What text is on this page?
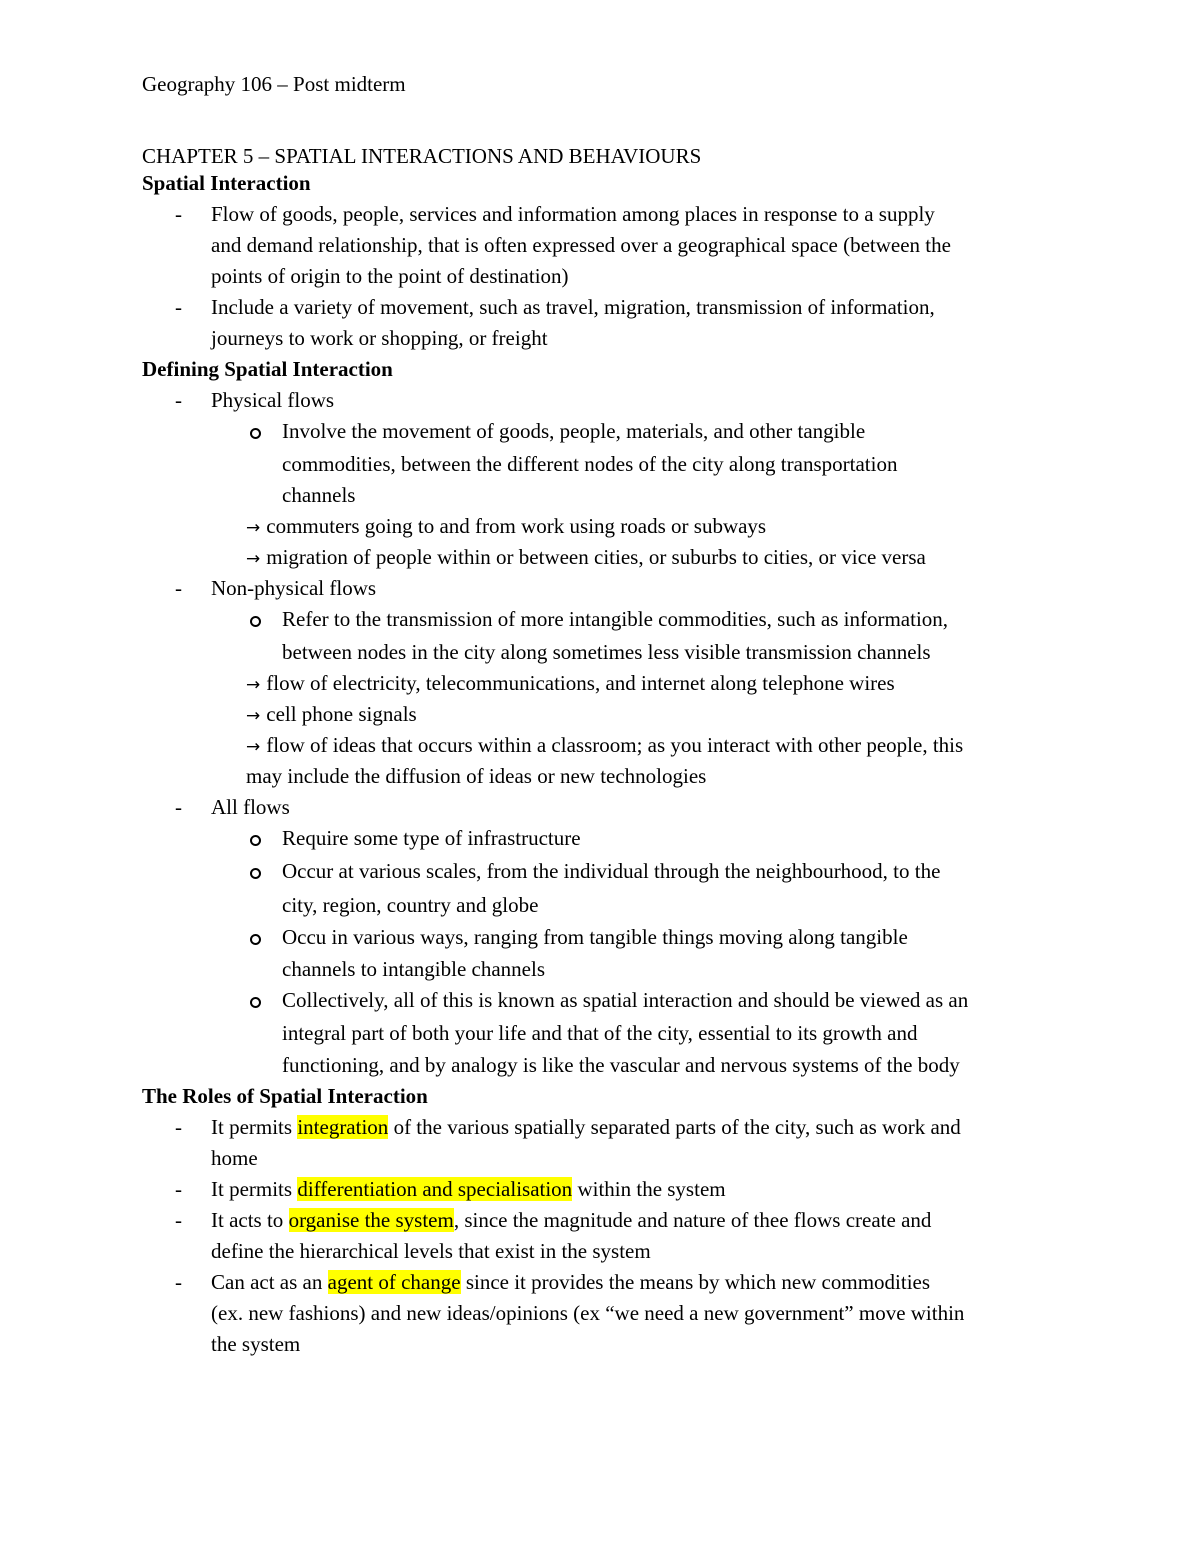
Geography 106 – Post midterm
CHAPTER 5 – SPATIAL INTERACTIONS AND BEHAVIOURS
Spatial Interaction
- Flow of goods, people, services and information among places in response to a supply
and demand relationship, that is often expressed over a geographical space (between the
points of origin to the point of destination)
- Include a variety of movement, such as travel, migration, transmission of information,
journeys to work or shopping, or freight
Defining Spatial Interaction
- Physical flows
Involve the movement of goods, people, materials, and other tangible
commodities, between the different nodes of the city along transportation
channels
→ commuters going to and from work using roads or subways
→ migration of people within or between cities, or suburbs to cities, or vice versa
- Non-physical flows
Refer to the transmission of more intangible commodities, such as information,
between nodes in the city along sometimes less visible transmission channels
→ flow of electricity, telecommunications, and internet along telephone wires
→ cell phone signals
→ flow of ideas that occurs within a classroom; as you interact with other people, this
may include the diffusion of ideas or new technologies
- All flows
Require some type of infrastructure
Occur at various scales, from the individual through the neighbourhood, to the
city, region, country and globe
Occu in various ways, ranging from tangible things moving along tangible
channels to intangible channels
Collectively, all of this is known as spatial interaction and should be viewed as an
integral part of both your life and that of the city, essential to its growth and
functioning, and by analogy is like the vascular and nervous systems of the body
The Roles of Spatial Interaction
- It permits integration of the various spatially separated parts of the city, such as work and
home
- It permits differentiation and specialisation within the system
- It acts to organise the system, since the magnitude and nature of thee flows create and
define the hierarchical levels that exist in the system
- Can act as an agent of change since it provides the means by which new commodities
(ex. new fashions) and new ideas/opinions (ex “we need a new government” move within
the system
